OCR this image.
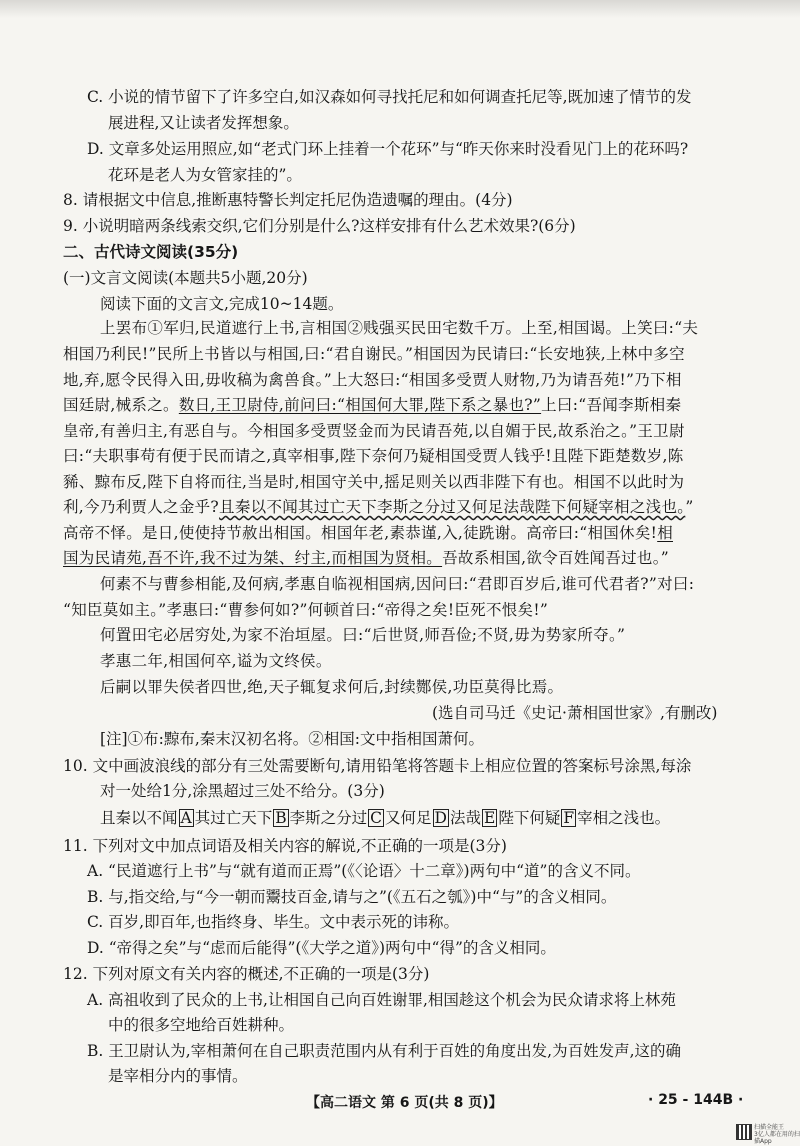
C. 小说的情节留下了许多空白,如汉森如何寻找托尼和如何调查托尼等,既加速了情节的发
展进程,又让读者发挥想象。
D. 文章多处运用照应,如“老式门环上挂着一个花环”与“昨天你来时没看见门上的花环吗?
花环是老人为女管家挂的”。
8. 请根据文中信息,推断惠特警长判定托尼伪造遗嘱的理由。(4分)
9. 小说明暗两条线索交织,它们分别是什么?这样安排有什么艺术效果?(6分)
二、古代诗文阅读(35分)
(一)文言文阅读(本题共5小题,20分)
阅读下面的文言文,完成10~14题。
上罢布①军归,民道遮行上书,言相国②贱强买民田宅数千万。上至,相国谒。上笑曰:“夫
相国乃利民!”民所上书皆以与相国,曰:“君自谢民。”相国因为民请曰:“长安地狭,上林中多空
地,弃,愿令民得入田,毋收稿为禽兽食。”上大怒曰:“相国多受贾人财物,乃为请吾苑!”乃下相
国廷尉,械系之。数日,王卫尉侍,前问曰:“相国何大罪,陛下系之暴也?”上曰:“吾闻李斯相秦
皇帝,有善归主,有恶自与。今相国多受贾竖金而为民请吾苑,以自媚于民,故系治之。”王卫尉
曰:“夫职事苟有便于民而请之,真宰相事,陛下奈何乃疑相国受贾人钱乎!且陛下距楚数岁,陈
豨、黥布反,陛下自将而往,当是时,相国守关中,摇足则关以西非陛下有也。相国不以此时为
利,今乃利贾人之金乎?且秦以不闻其过亡天下李斯之分过又何足法哉陛下何疑宰相之浅也。”
高帝不怿。是日,使使持节赦出相国。相国年老,素恭谨,入,徒跣谢。高帝曰:“相国休矣!相
国为民请苑,吾不许,我不过为桀、纣主,而相国为贤相。吾故系相国,欲令百姓闻吾过也。”
何素不与曹参相能,及何病,孝惠自临视相国病,因问曰:“君即百岁后,谁可代君者?”对曰:
“知臣莫如主。”孝惠曰:“曹参何如?”何顿首曰:“帝得之矣!臣死不恨矣!”
何置田宅必居穷处,为家不治垣屋。曰:“后世贤,师吾俭;不贤,毋为势家所夺。”
孝惠二年,相国何卒,谥为文终侯。
后嗣以罪失侯者四世,绝,天子辄复求何后,封续酂侯,功臣莫得比焉。
(选自司马迁《史记·萧相国世家》,有删改)
[注]①布:黥布,秦末汉初名将。②相国:文中指相国萧何。
10. 文中画波浪线的部分有三处需要断句,请用铅笔将答题卡上相应位置的答案标号涂黑,每涂
对一处给1分,涂黑超过三处不给分。(3分)
且秦以不闻 A 其过亡天下 B 李斯之分过 C 又何足 D 法哉 E 陛下何疑 F 宰相之浅也。
11. 下列对文中加点词语及相关内容的解说,不正确的一项是(3分)
A. “民道遮行上书”与“就有道而正焉”(《〈论语〉十二章》)两句中“道”的含义不同。
B. 与,指交给,与“今一朝而鬻技百金,请与之”(《五石之瓠》)中“与”的含义相同。
C. 百岁,即百年,也指终身、毕生。文中表示死的讳称。
D. “帝得之矣”与“虑而后能得”(《大学之道》)两句中“得”的含义相同。
12. 下列对原文有关内容的概述,不正确的一项是(3分)
A. 高祖收到了民众的上书,让相国自己向百姓谢罪,相国趁这个机会为民众请求将上林苑
中的很多空地给百姓耕种。
B. 王卫尉认为,宰相萧何在自己职责范围内从有利于百姓的角度出发,为百姓发声,这的确
是宰相分内的事情。
【高二语文 第 6 页(共 8 页)】	· 25 - 144B ·
扫描全能王
3亿人都在用的扫描App
